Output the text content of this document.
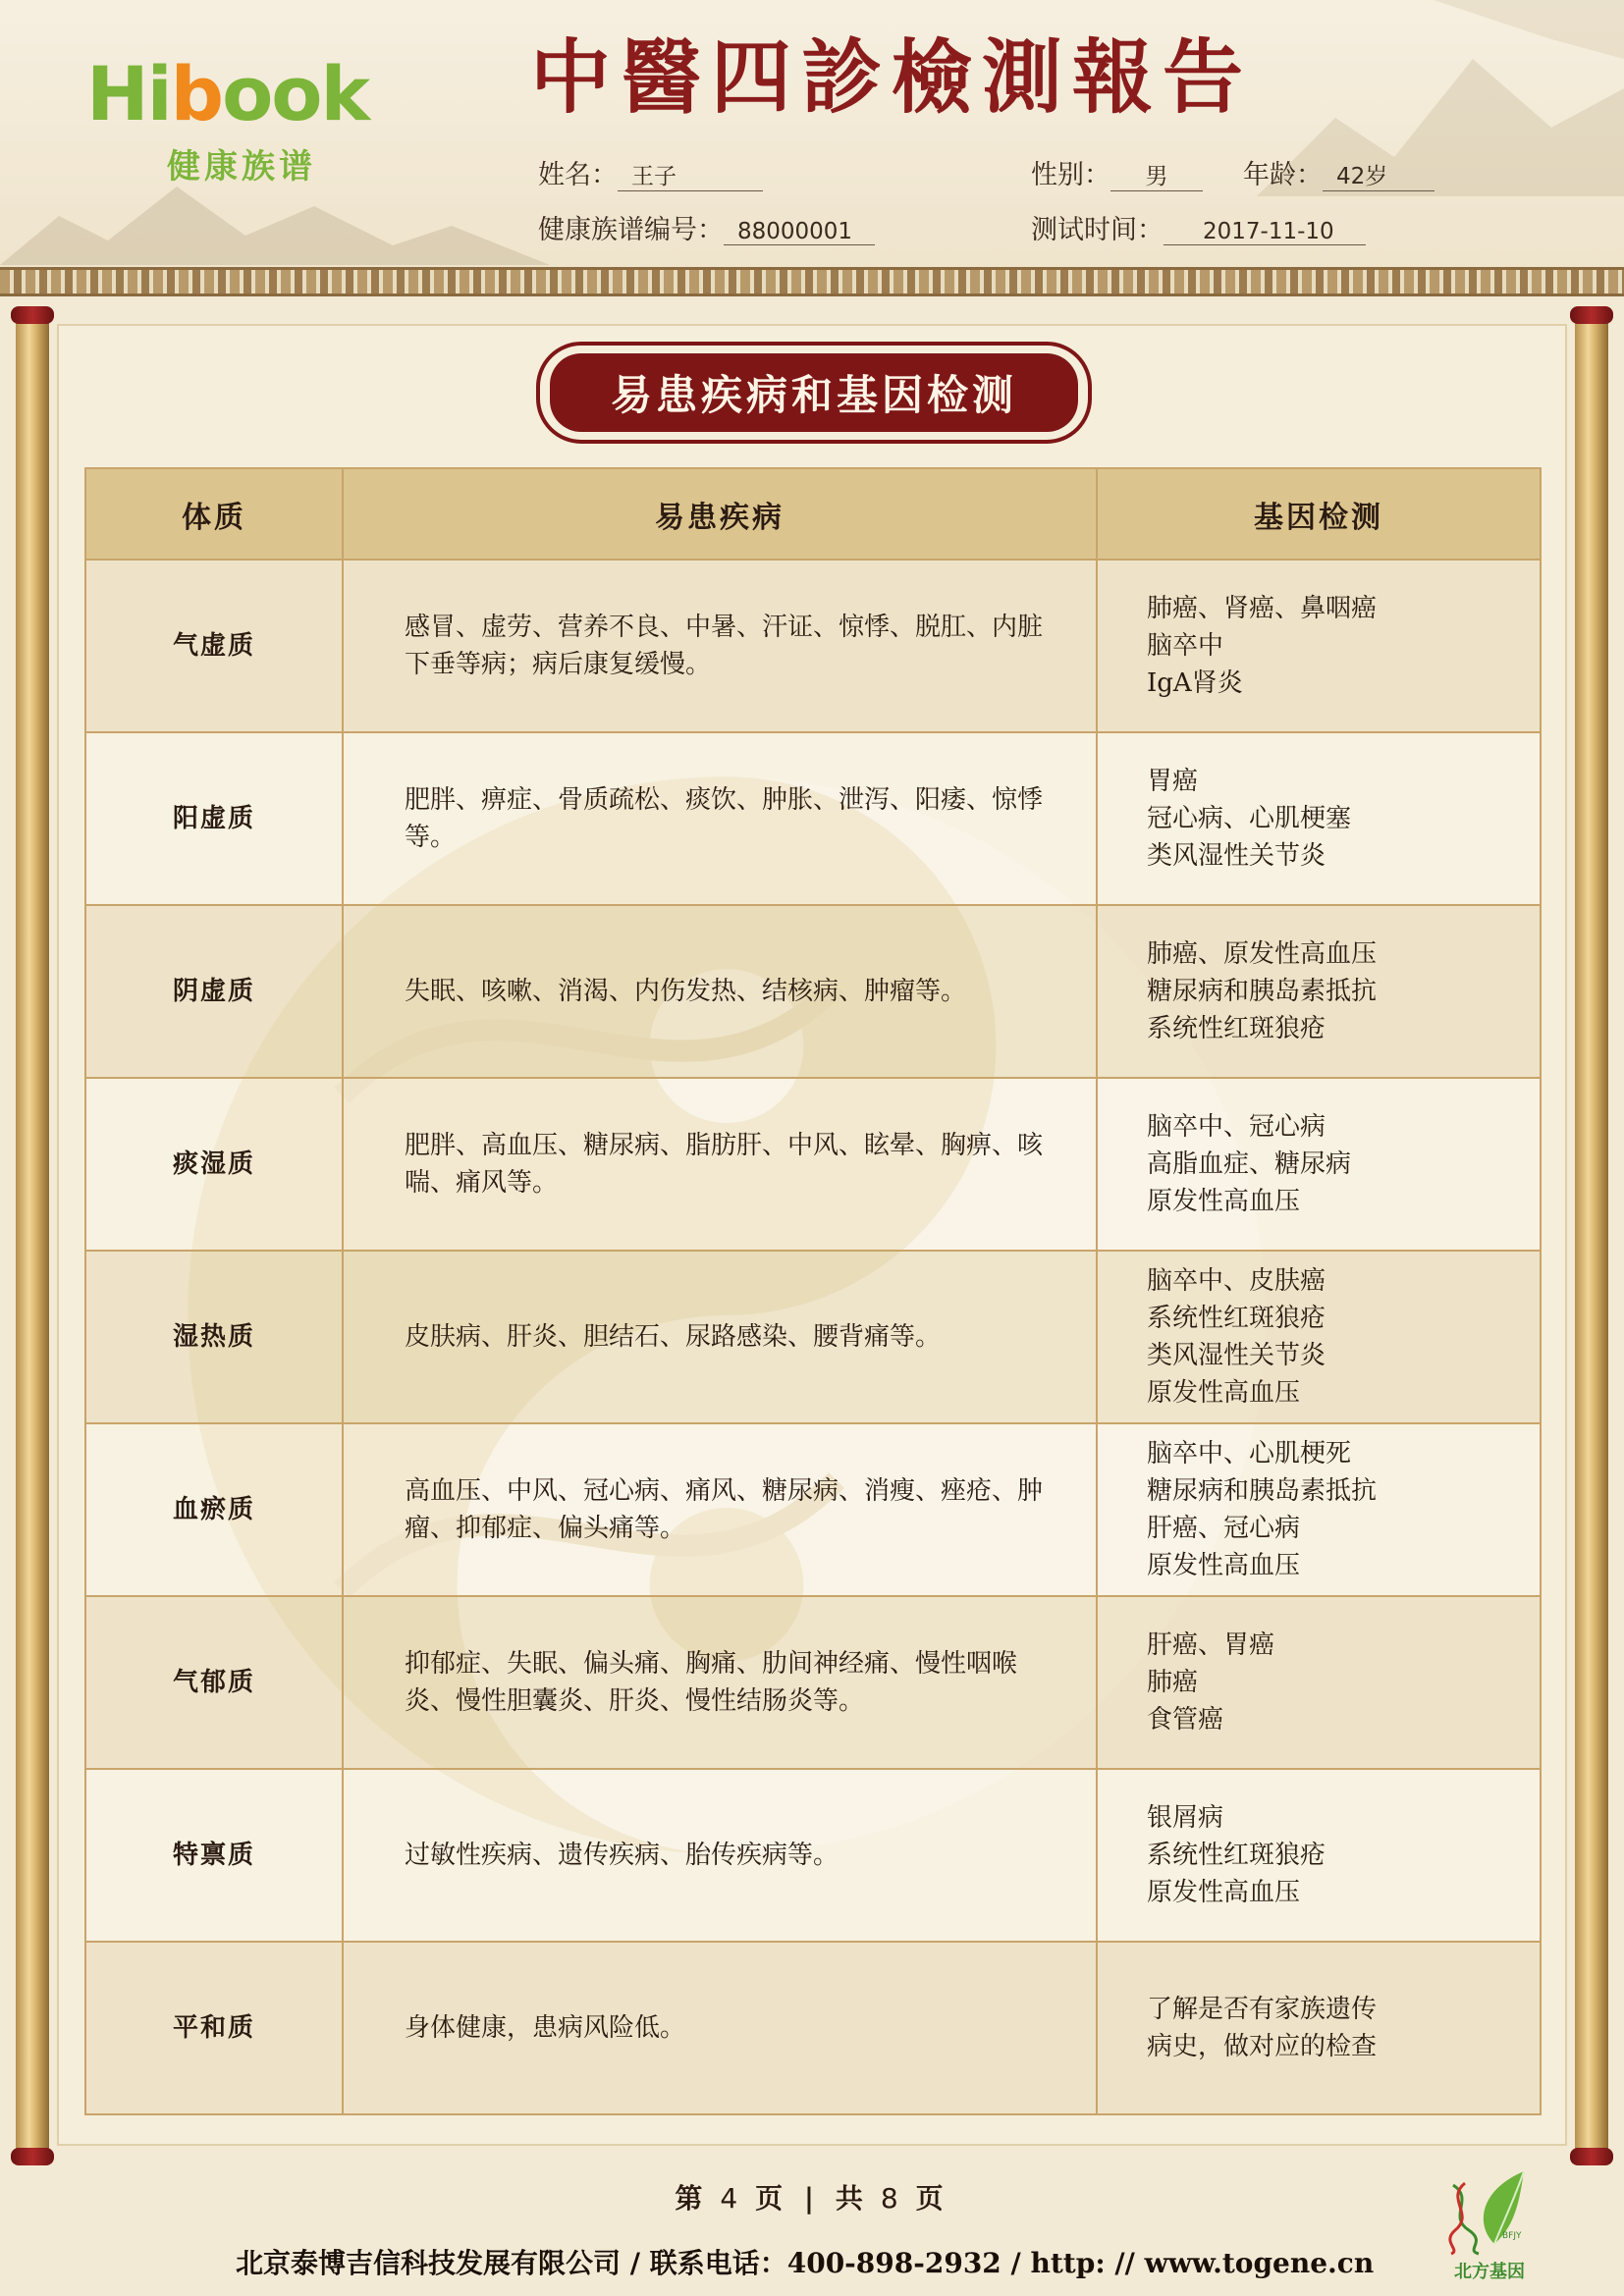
Hibook
健康族谱
中醫四診檢測報告
姓名： 王子	性别： 男	年龄： 42岁
健康族谱编号： 88000001	测试时间： 2017-11-10
易患疾病和基因检测
体质	易患疾病	基因检测
气虚质	感冒、虚劳、营养不良、中暑、汗证、惊悸、脱肛、内脏下垂等病；病后康复缓慢。	肺癌、肾癌、鼻咽癌
脑卒中
IgA肾炎

阳虚质	肥胖、痹症、骨质疏松、痰饮、肿胀、泄泻、阳痿、惊悸等。	胃癌
冠心病、心肌梗塞
类风湿性关节炎

阴虚质	失眠、咳嗽、消渴、内伤发热、结核病、肿瘤等。	肺癌、原发性高血压
糖尿病和胰岛素抵抗
系统性红斑狼疮

痰湿质	肥胖、高血压、糖尿病、脂肪肝、中风、眩晕、胸痹、咳喘、痛风等。	脑卒中、冠心病
高脂血症、糖尿病
原发性高血压

湿热质	皮肤病、肝炎、胆结石、尿路感染、腰背痛等。	脑卒中、皮肤癌
系统性红斑狼疮
类风湿性关节炎
原发性高血压

血瘀质	高血压、中风、冠心病、痛风、糖尿病、消瘦、痤疮、肿瘤、抑郁症、偏头痛等。	脑卒中、心肌梗死
糖尿病和胰岛素抵抗
肝癌、冠心病
原发性高血压

气郁质	抑郁症、失眠、偏头痛、胸痛、肋间神经痛、慢性咽喉炎、慢性胆囊炎、肝炎、慢性结肠炎等。	肝癌、胃癌
肺癌
食管癌

特禀质	过敏性疾病、遗传疾病、胎传疾病等。	银屑病
系统性红斑狼疮
原发性高血压

平和质	身体健康，患病风险低。	了解是否有家族遗传
病史，做对应的检查
第 4 页 | 共 8 页
北京泰博吉信科技发展有限公司 / 联系电话：400-898-2932 / http: // www.togene.cn
BFJY
北方基因
